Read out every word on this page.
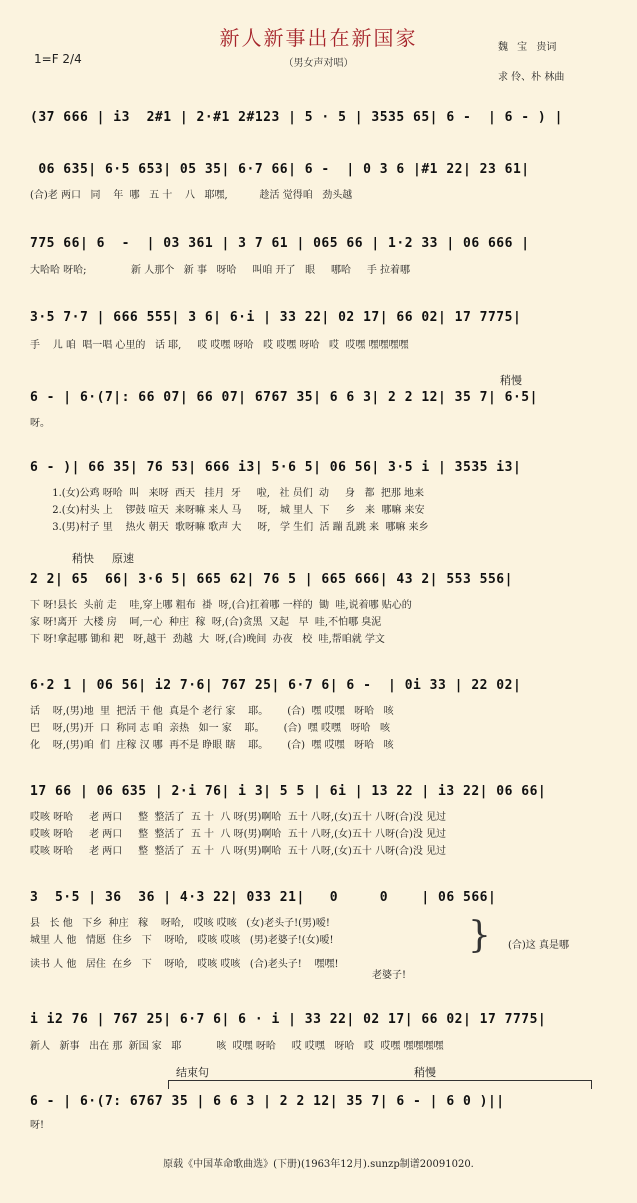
新人新事出在新国家
（男女声对唱）
1=F 2/4
魏 宝 贵词
求 伶、朴 林曲
(37 666 | i3  2#1 | 2·#1 2#123 | 5 · 5 | 3535 65| 6 -  | 6 - ) |
06 635| 6·5 653| 05 35| 6·7 66| 6 -  | 0 3 6 |#1 22| 23 61|
(合)老 两口   同    年  哪   五 十    八   耶嘿,          趁活 觉得咱   劲头越
775 66| 6  -  | 03 361 | 3 7 61 | 065 66 | 1·2 33 | 06 666 |
大哈哈 呀哈;              新 人那个   新 事   呀哈     叫咱 开了   眼     哪哈     手 拉着哪
3·5 7·7 | 666 555| 3 6| 6·i | 33 22| 02 17| 66 02| 17 7775|
手    儿 咱  唱一唱 心里的   话 耶,     哎 哎嘿 呀哈   哎 哎嘿 呀哈   哎  哎嘿 嘿嘿嘿嘿
稍慢
6 - | 6·(7|: 66 07| 66 07| 6767 35| 6 6 3| 2 2 12| 35 7| 6·5|
呀。
6 - )| 66 35| 76 53| 666 i3| 5·6 5| 06 56| 3·5 i | 3535 i3|
1.(女)公鸡 呀哈  叫   来呀  西天   挂月  牙     啦,   社 员们  动     身   都  把那 地来
2.(女)村头 上    锣鼓 喧天  来呀嘛 来人 马     呀,   城 里人  下     乡   来  哪嘛 来安
3.(男)村子 里    热火 朝天  歌呀嘛 歌声 大     呀,   学 生们  活 蹦 乱跳 来  哪嘛 来乡
稍快 原速
2 2| 65  66| 3·6 5| 665 62| 76 5 | 665 666| 43 2| 553 556|
下 呀!县长  头前 走    哇,穿上哪 粗布  褂  呀,(合)扛着哪 一样的  锄  哇,说着哪 贴心的
家 呀!离开  大楼 房    呵,一心  种庄  稼  呀,(合)贪黑  又起   早  哇,不怕哪 臭泥
下 呀!拿起哪 锄和 耙   呀,越干  劲越  大  呀,(合)晚间  办夜   校  哇,帮咱就 学文
6·2 1 | 06 56| i2 7·6| 767 25| 6·7 6| 6 -  | 0i 33 | 22 02|
话    呀,(男)地  里  把活 干 他  真是个 老行 家    耶。      (合)  嘿 哎嘿   呀哈   咳
巴    呀,(男)开  口  称同 志 咱  亲热   如一 家    耶。      (合)  嘿 哎嘿   呀哈   咳
化    呀,(男)咱  们  庄稼 汉 哪  再不是 睁眼 瞎    耶。      (合)  嘿 哎嘿   呀哈   咳
17 66 | 06 635 | 2·i 76| i 3| 5 5 | 6i | 13 22 | i3 22| 06 66|
哎咳 呀哈     老 两口     整  整活了  五 十  八 呀(男)啊哈  五十 八呀,(女)五十 八呀(合)没 见过
哎咳 呀哈     老 两口     整  整活了  五 十  八 呀(男)啊哈  五十 八呀,(女)五十 八呀(合)没 见过
哎咳 呀哈     老 两口     整  整活了  五 十  八 呀(男)啊哈  五十 八呀,(女)五十 八呀(合)没 见过
3  5·5 | 36  36 | 4·3 22| 033 21|   0     0    | 06 566|
县   长 他   下乡  种庄   稼    呀哈,   哎咳 哎咳   (女)老头子!(男)嗳!
城里 人 他   情愿  住乡   下    呀哈,   哎咳 哎咳   (男)老婆子!(女)嗳!
读书 人 他   居住  在乡   下    呀哈,   哎咳 哎咳   (合)老头子!    嘿嘿!
老婆子!
} (合)这 真是哪
i i2 76 | 767 25| 6·7 6| 6 · i | 33 22| 02 17| 66 02| 17 7775|
新人   新事   出在 那  新国 家   耶           咳  哎嘿 呀哈     哎 哎嘿   呀哈   哎  哎嘿 嘿嘿嘿嘿
结束句	稍慢
6 - | 6·(7: 6767 35 | 6 6 3 | 2 2 12| 35 7| 6 - | 6 0 )||
呀!
原载《中国革命歌曲选》(下册)(1963年12月).sunzp制谱20091020.
